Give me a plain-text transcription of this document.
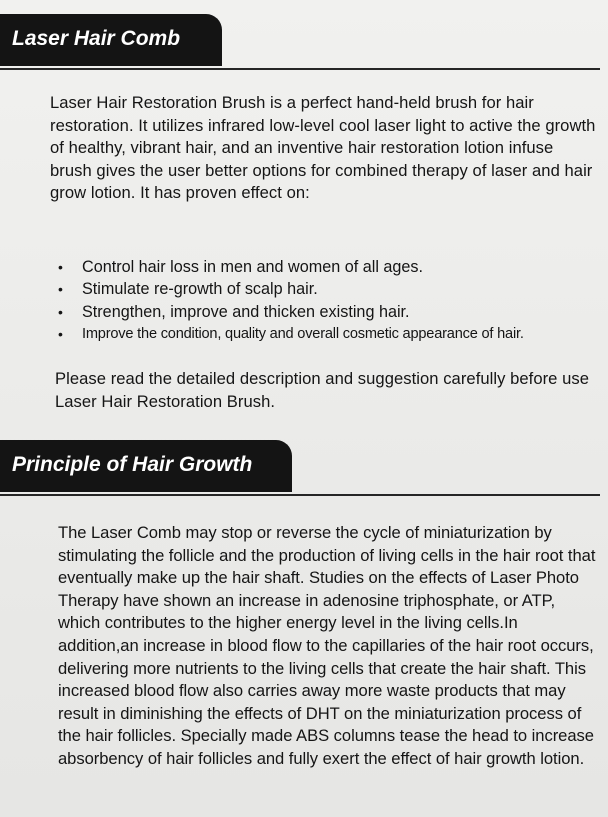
Laser Hair Comb

Laser Hair Restoration Brush is a perfect hand-held brush for hair restoration. It utilizes infrared low-level cool laser light to active the growth of healthy, vibrant hair, and an inventive hair restoration lotion infuse brush gives the user better options for combined therapy of laser and hair grow lotion. It has proven effect on:

• Control hair loss in men and women of all ages.
• Stimulate re-growth of scalp hair.
• Strengthen, improve and thicken existing hair.
• Improve the condition, quality and overall cosmetic appearance of hair.

Please read the detailed description and suggestion carefully before use Laser Hair Restoration Brush.

Principle of Hair Growth

The Laser Comb may stop or reverse the cycle of miniaturization by stimulating the follicle and the production of living cells in the hair root that eventually make up the hair shaft. Studies on the effects of Laser Photo Therapy have shown an increase in adenosine triphosphate, or ATP, which contributes to the higher energy level in the living cells.In addition,an increase in blood flow to the capillaries of the hair root occurs, delivering more nutrients to the living cells that create the hair shaft. This increased blood flow also carries away more waste products that may result in diminishing the effects of DHT on the miniaturization process of the hair follicles. Specially made ABS columns tease the head to increase absorbency of hair follicles and fully exert the effect of hair growth lotion.
